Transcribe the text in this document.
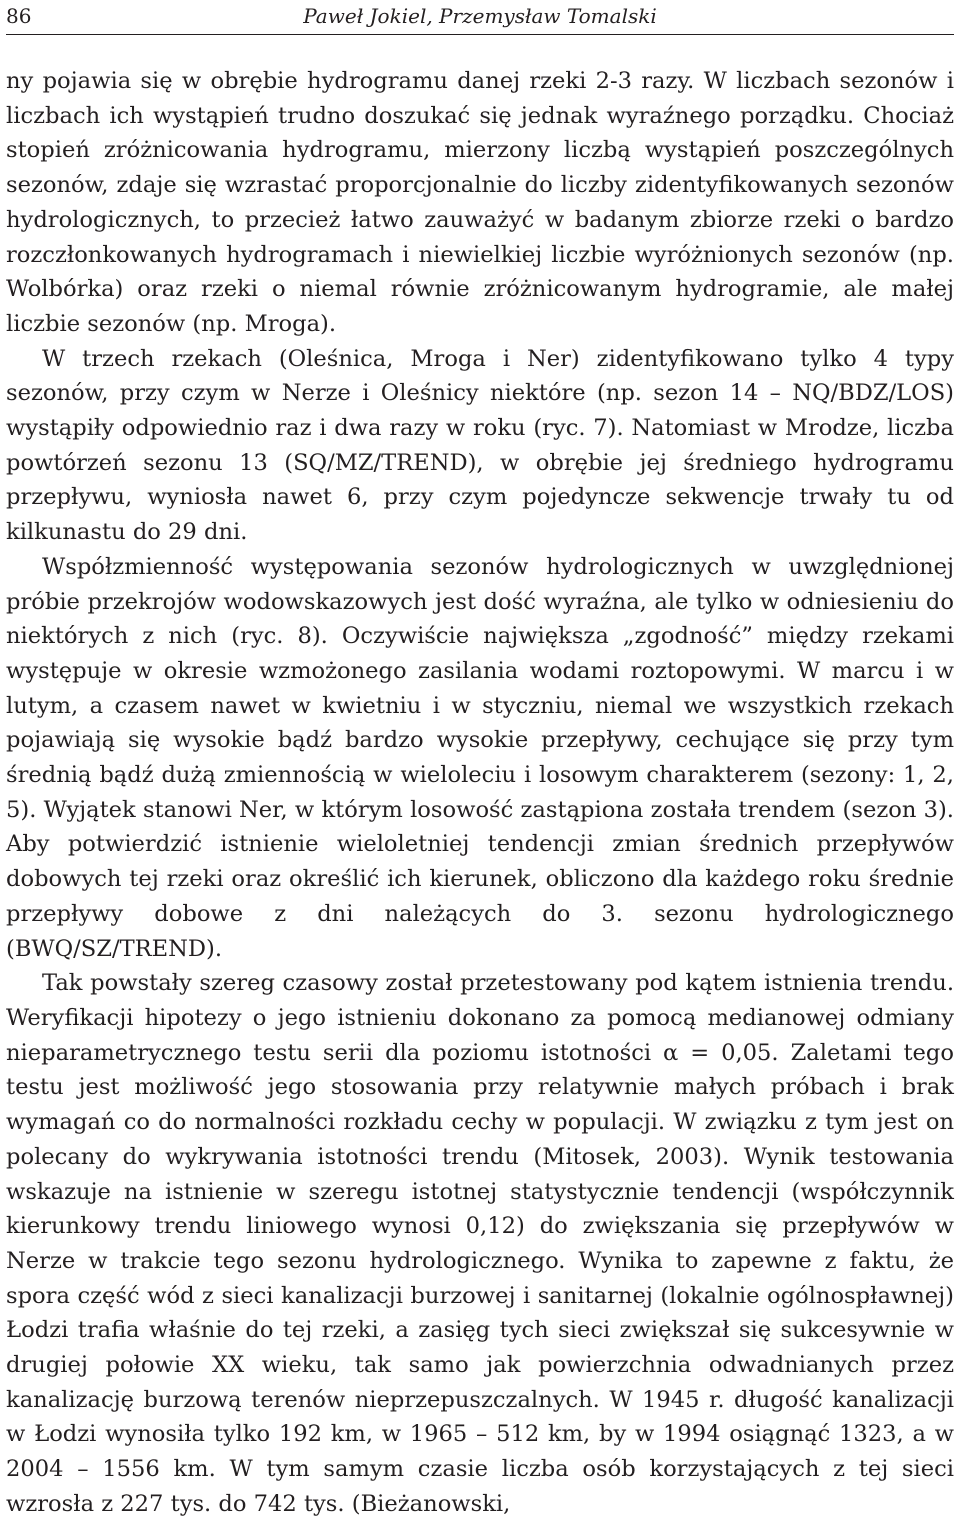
86	Paweł Jokiel, Przemysław Tomalski

ny pojawia się w obrębie hydrogramu danej rzeki 2-3 razy. W liczbach sezonów i liczbach ich wystąpień trudno doszukać się jednak wyraźnego porządku. Chociaż stopień zróżnicowania hydrogramu, mierzony liczbą wystąpień poszczególnych sezonów, zdaje się wzrastać proporcjonalnie do liczby zidentyfikowanych sezonów hydrologicznych, to przecież łatwo zauważyć w badanym zbiorze rzeki o bardzo rozczłonkowanych hydrogramach i niewielkiej liczbie wyróżnionych sezonów (np. Wolbórka) oraz rzeki o niemal równie zróżnicowanym hydrogramie, ale małej liczbie sezonów (np. Mroga).

W trzech rzekach (Oleśnica, Mroga i Ner) zidentyfikowano tylko 4 typy sezonów, przy czym w Nerze i Oleśnicy niektóre (np. sezon 14 – NQ/BDZ/LOS) wystąpiły odpowiednio raz i dwa razy w roku (ryc. 7). Natomiast w Mrodze, liczba powtórzeń sezonu 13 (SQ/MZ/TREND), w obrębie jej średniego hydrogramu przepływu, wyniosła nawet 6, przy czym pojedyncze sekwencje trwały tu od kilkunastu do 29 dni.

Współzmienność występowania sezonów hydrologicznych w uwzględnionej próbie przekrojów wodowskazowych jest dość wyraźna, ale tylko w odniesieniu do niektórych z nich (ryc. 8). Oczywiście największa „zgodność” między rzekami występuje w okresie wzmożonego zasilania wodami roztopowymi. W marcu i w lutym, a czasem nawet w kwietniu i w styczniu, niemal we wszystkich rzekach pojawiają się wysokie bądź bardzo wysokie przepływy, cechujące się przy tym średnią bądź dużą zmiennością w wieloleciu i losowym charakterem (sezony: 1, 2, 5). Wyjątek stanowi Ner, w którym losowość zastąpiona została trendem (sezon 3). Aby potwierdzić istnienie wieloletniej tendencji zmian średnich przepływów dobowych tej rzeki oraz określić ich kierunek, obliczono dla każdego roku średnie przepływy dobowe z dni należących do 3. sezonu hydrologicznego (BWQ/SZ/TREND).

Tak powstały szereg czasowy został przetestowany pod kątem istnienia trendu. Weryfikacji hipotezy o jego istnieniu dokonano za pomocą medianowej odmiany nieparametrycznego testu serii dla poziomu istotności α = 0,05. Zaletami tego testu jest możliwość jego stosowania przy relatywnie małych próbach i brak wymagań co do normalności rozkładu cechy w populacji. W związku z tym jest on polecany do wykrywania istotności trendu (Mitosek, 2003). Wynik testowania wskazuje na istnienie w szeregu istotnej statystycznie tendencji (współczynnik kierunkowy trendu liniowego wynosi 0,12) do zwiększania się przepływów w Nerze w trakcie tego sezonu hydrologicznego. Wynika to zapewne z faktu, że spora część wód z sieci kanalizacji burzowej i sanitarnej (lokalnie ogólnospławnej) Łodzi trafia właśnie do tej rzeki, a zasięg tych sieci zwiększał się sukcesywnie w drugiej połowie XX wieku, tak samo jak powierzchnia odwadnianych przez kanalizację burzową terenów nieprzepuszczalnych. W 1945 r. długość kanalizacji w Łodzi wynosiła tylko 192 km, w 1965 – 512 km, by w 1994 osiągnąć 1323, a w 2004 – 1556 km. W tym samym czasie liczba osób korzystających z tej sieci wzrosła z 227 tys. do 742 tys. (Bieżanowski,
